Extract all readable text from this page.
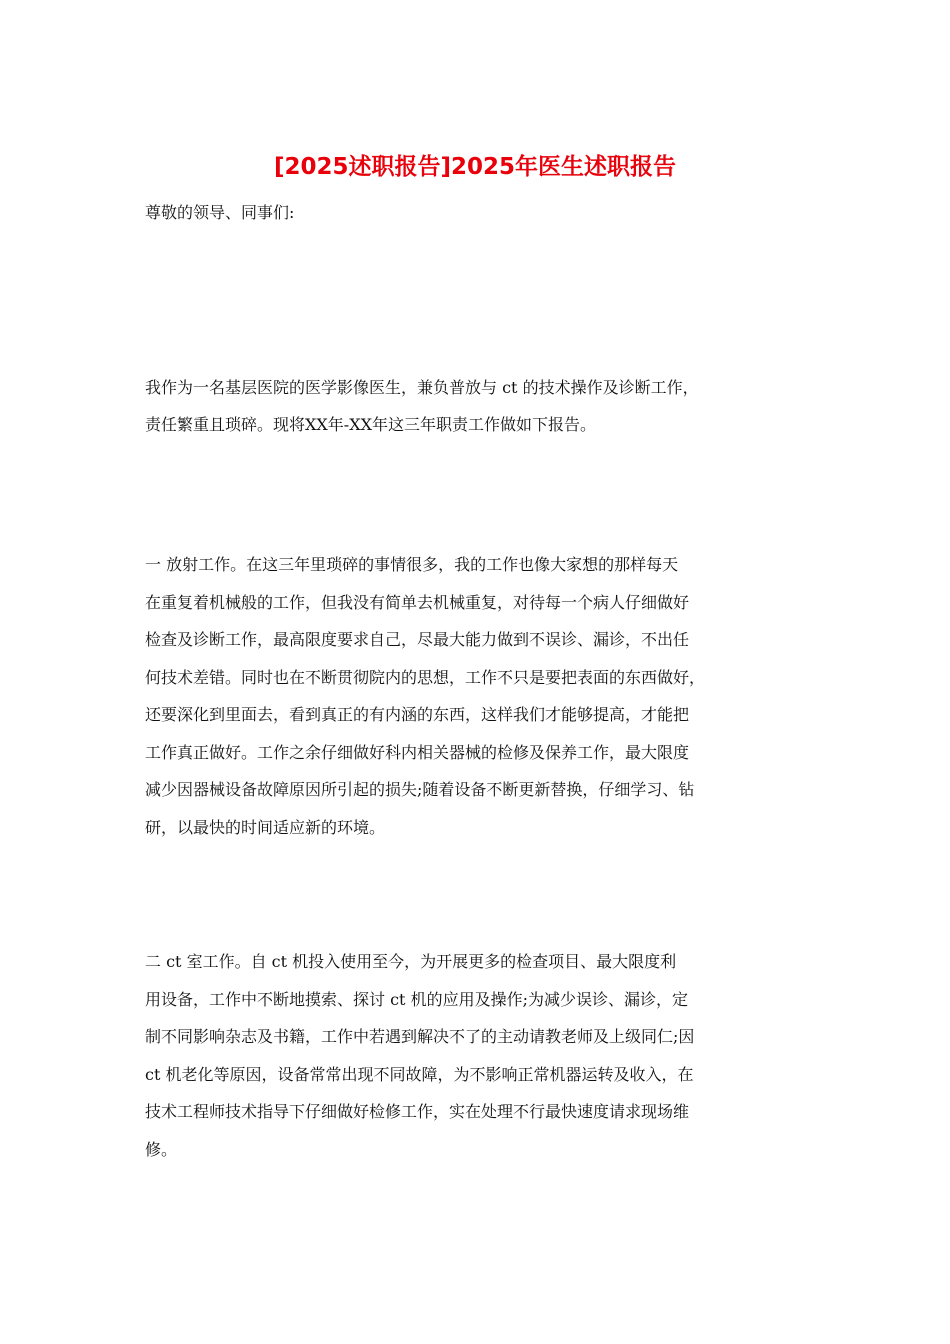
[2025述职报告]2025年医生述职报告

尊敬的领导、同事们:

我作为一名基层医院的医学影像医生，兼负普放与 ct 的技术操作及诊断工作，
责任繁重且琐碎。现将XX年-XX年这三年职责工作做如下报告。
一 放射工作。在这三年里琐碎的事情很多，我的工作也像大家想的那样每天
在重复着机械般的工作，但我没有简单去机械重复，对待每一个病人仔细做好
检查及诊断工作，最高限度要求自己，尽最大能力做到不误诊、漏诊，不出任
何技术差错。同时也在不断贯彻院内的思想，工作不只是要把表面的东西做好，
还要深化到里面去，看到真正的有内涵的东西，这样我们才能够提高，才能把
工作真正做好。工作之余仔细做好科内相关器械的检修及保养工作，最大限度
减少因器械设备故障原因所引起的损失;随着设备不断更新替换，仔细学习、钻
研，以最快的时间适应新的环境。
二 ct 室工作。自 ct 机投入使用至今，为开展更多的检查项目、最大限度利
用设备，工作中不断地摸索、探讨 ct 机的应用及操作;为减少误诊、漏诊，定
制不同影响杂志及书籍，工作中若遇到解决不了的主动请教老师及上级同仁;因
ct 机老化等原因，设备常常出现不同故障，为不影响正常机器运转及收入，在
技术工程师技术指导下仔细做好检修工作，实在处理不行最快速度请求现场维
修。
